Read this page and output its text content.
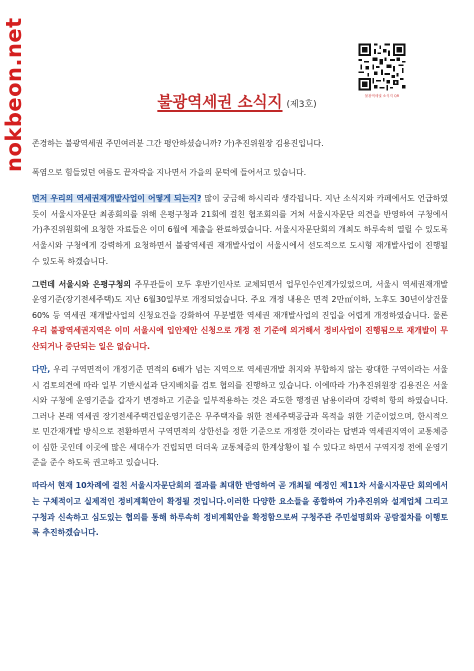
nokbeon.net	불광역세권 소식지 QR
불광역세권 소식지 (제3호)

존경하는 불광역세권 주민여러분 그간 평안하셨습니까? 가)추진위원장 김용진입니다.

폭염으로 힘들었던 여름도 끝자락을 지나면서 가을의 문턱에 들어서고 있습니다.

먼저 우리의 역세권재개발사업이 어떻게 되는지? 많이 궁금해 하시리라 생각됩니다. 지난 소식지와 카페에서도 언급하였듯이 서울시자문단 최종회의를 위해 은평구청과 21회에 걸친 협조회의를 거쳐 서울시자문단 의견을 반영하여 구청에서 가)추진위원회에 요청한 자료들은 이미 6월에 제출을 완료하였습니다. 서울시자문단회의 개최도 하루속히 열릴 수 있도록 서울시와 구청에게 강력하게 요청하면서 불광역세권 재개발사업이 서울시에서 선도적으로 도시형 재개발사업이 진행될 수 있도록 하겠습니다.

그런데 서울시와 은평구청의 주무관들이 모두 후반기인사로 교체되면서 업무인수인계가있었으며, 서울시 역세권재개발 운영기준(장기전세주택)도 지난 6월30일부로 개정되었습니다. 주요 개정 내용은 면적 2만㎡이하, 노후도 30년이상건물 60% 등 역세권 재개발사업의 신청요건을 강화하여 무분별한 역세권 재개발사업의 진입을 어렵게 개정하였습니다. 물론 우리 불광역세권지역은 이미 서울시에 입안제안 신청으로 개정 전 기준에 의거해서 정비사업이 진행됨으로 재개발이 무산되거나 중단되는 일은 없습니다.

다만, 우리 구역면적이 개정기준 면적의 6배가 넘는 지역으로 역세권개발 취지와 부합하지 않는 광대한 구역이라는 서울시 검토의견에 따라 일부 기반시설과 단지배치를 검토 협의를 진행하고 있습니다. 이에따라 가)추진위원장 김용진은 서울시와 구청에 운영기준을 갑자기 변경하고 기준을 일부적용하는 것은 과도한 행정권 남용이라며 강력히 항의 하였습니다. 그러나 본래 역세권 장기전세주택건립운영기준은 무주택자를 위한 전세주택공급과 목적을 위한 기준이었으며, 한시적으로 민간재개발 방식으로 전환하면서 구역면적의 상한선을 정한 기준으로 개정한 것이라는 답변과 역세권지역이 교통체증이 심한 곳인데 이곳에 많은 세대수가 건립되면 더더욱 교통체증의 한계상황이 될 수 있다고 하면서 구역지정 전에 운영기준을 준수 하도록 권고하고 있습니다.

따라서 현재 10차례에 걸친 서울시자문단회의 결과를 최대한 반영하여 곧 개최될 예정인 제11차 서울시자문단 회의에서는 구체적이고 실제적인 정비계획안이 확정될 것입니다.이러한 다양한 요소들을 종합하여 가)추진위와 설계업체 그리고 구청과 신속하고 심도있는 협의를 통해 하루속히 정비계획안을 확정함으로써 구청주관 주민설명회와 공람절차를 이행토록 추진하겠습니다.
